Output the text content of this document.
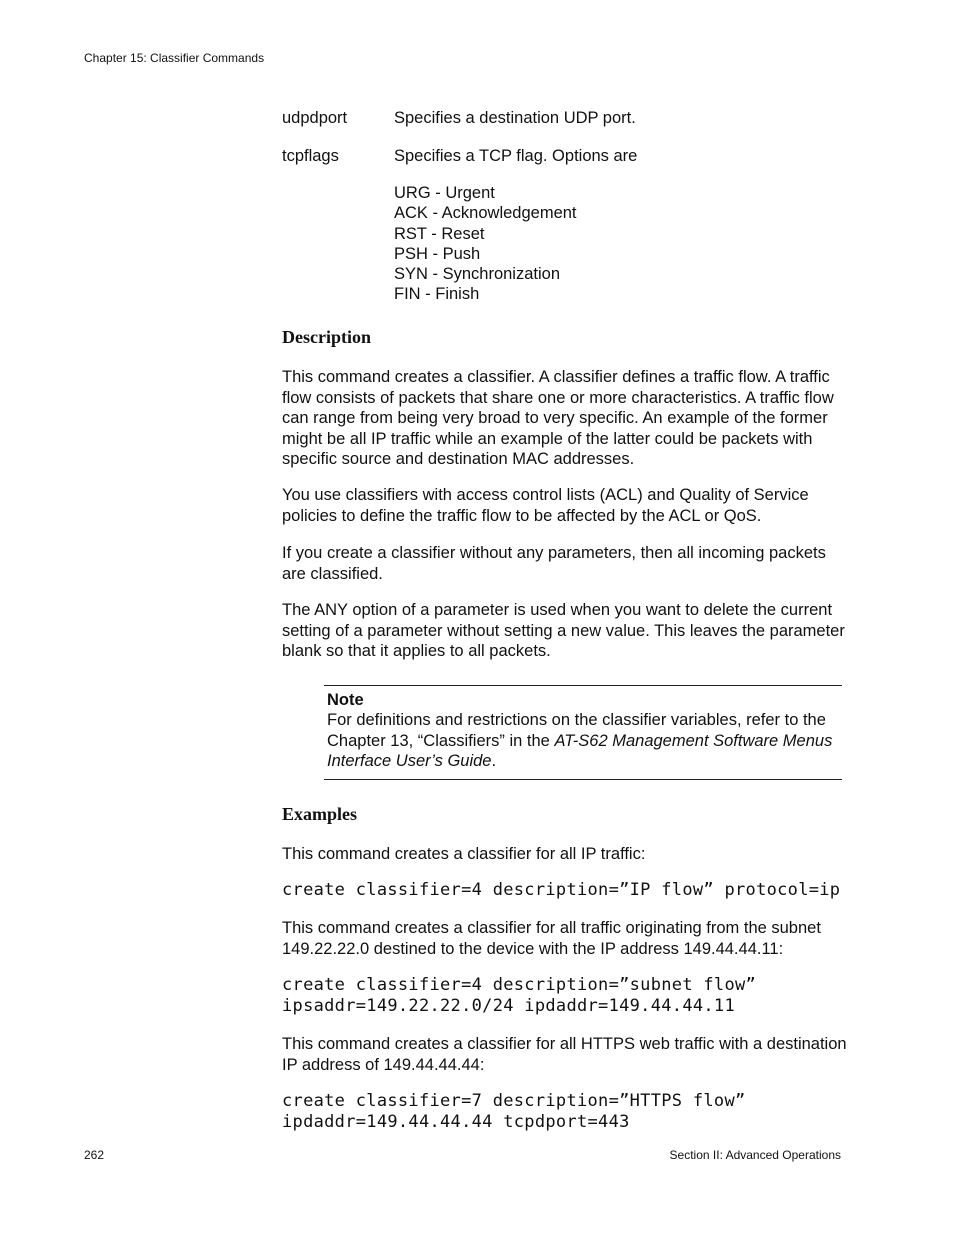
Chapter 15: Classifier Commands
udpdport	Specifies a destination UDP port.
tcpflags	Specifies a TCP flag. Options are
URG - Urgent
ACK - Acknowledgement
RST - Reset
PSH - Push
SYN - Synchronization
FIN - Finish
Description
This command creates a classifier. A classifier defines a traffic flow. A traffic flow consists of packets that share one or more characteristics. A traffic flow can range from being very broad to very specific. An example of the former might be all IP traffic while an example of the latter could be packets with specific source and destination MAC addresses.
You use classifiers with access control lists (ACL) and Quality of Service policies to define the traffic flow to be affected by the ACL or QoS.
If you create a classifier without any parameters, then all incoming packets are classified.
The ANY option of a parameter is used when you want to delete the current setting of a parameter without setting a new value. This leaves the parameter blank so that it applies to all packets.
Note
For definitions and restrictions on the classifier variables, refer to the Chapter 13, “Classifiers” in the AT-S62 Management Software Menus Interface User’s Guide.
Examples
This command creates a classifier for all IP traffic:
create classifier=4 description=”IP flow” protocol=ip
This command creates a classifier for all traffic originating from the subnet 149.22.22.0 destined to the device with the IP address 149.44.44.11:
create classifier=4 description=”subnet flow”
ipsaddr=149.22.22.0/24 ipdaddr=149.44.44.11
This command creates a classifier for all HTTPS web traffic with a destination IP address of 149.44.44.44:
create classifier=7 description=”HTTPS flow”
ipdaddr=149.44.44.44 tcpdport=443
262	Section II: Advanced Operations
